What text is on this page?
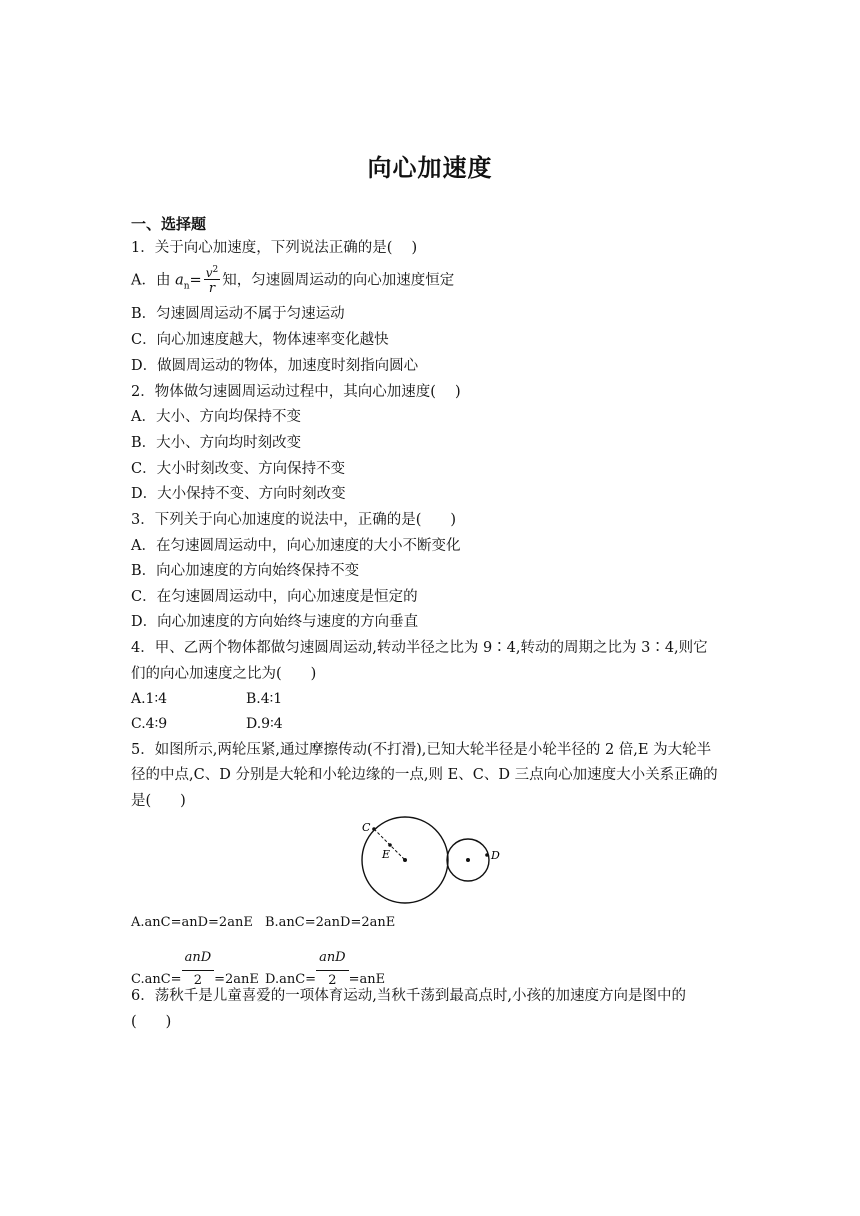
向心加速度
一、选择题
1．关于向心加速度，下列说法正确的是(　 )
A．由 $a_n= \frac{v^2}{r}$ 知，匀速圆周运动的向心加速度恒定
B．匀速圆周运动不属于匀速运动
C．向心加速度越大，物体速率变化越快
D．做圆周运动的物体，加速度时刻指向圆心
2．物体做匀速圆周运动过程中，其向心加速度(　 )
A．大小、方向均保持不变
B．大小、方向均时刻改变
C．大小时刻改变、方向保持不变
D．大小保持不变、方向时刻改变
3．下列关于向心加速度的说法中，正确的是(　　)
A．在匀速圆周运动中，向心加速度的大小不断变化
B．向心加速度的方向始终保持不变
C．在匀速圆周运动中，向心加速度是恒定的
D．向心加速度的方向始终与速度的方向垂直
4．甲、乙两个物体都做匀速圆周运动,转动半径之比为 9∶4,转动的周期之比为 3∶4,则它
们的向心加速度之比为(　　)
A.1∶4	B.4∶1
C.4∶9	D.9∶4
5．如图所示,两轮压紧,通过摩擦传动(不打滑),已知大轮半径是小轮半径的 2 倍,E 为大轮半
径的中点,C、D 分别是大轮和小轮边缘的一点,则 E、C、D 三点向心加速度大小关系正确的
是(　　)
C
E	D
A.anC=anD=2anE B.anC=2anD=2anE
C.anC=
anD
2 =2anE D.anC=
anD
2 =anE
6．荡秋千是儿童喜爱的一项体育运动,当秋千荡到最高点时,小孩的加速度方向是图中的
(　　)
